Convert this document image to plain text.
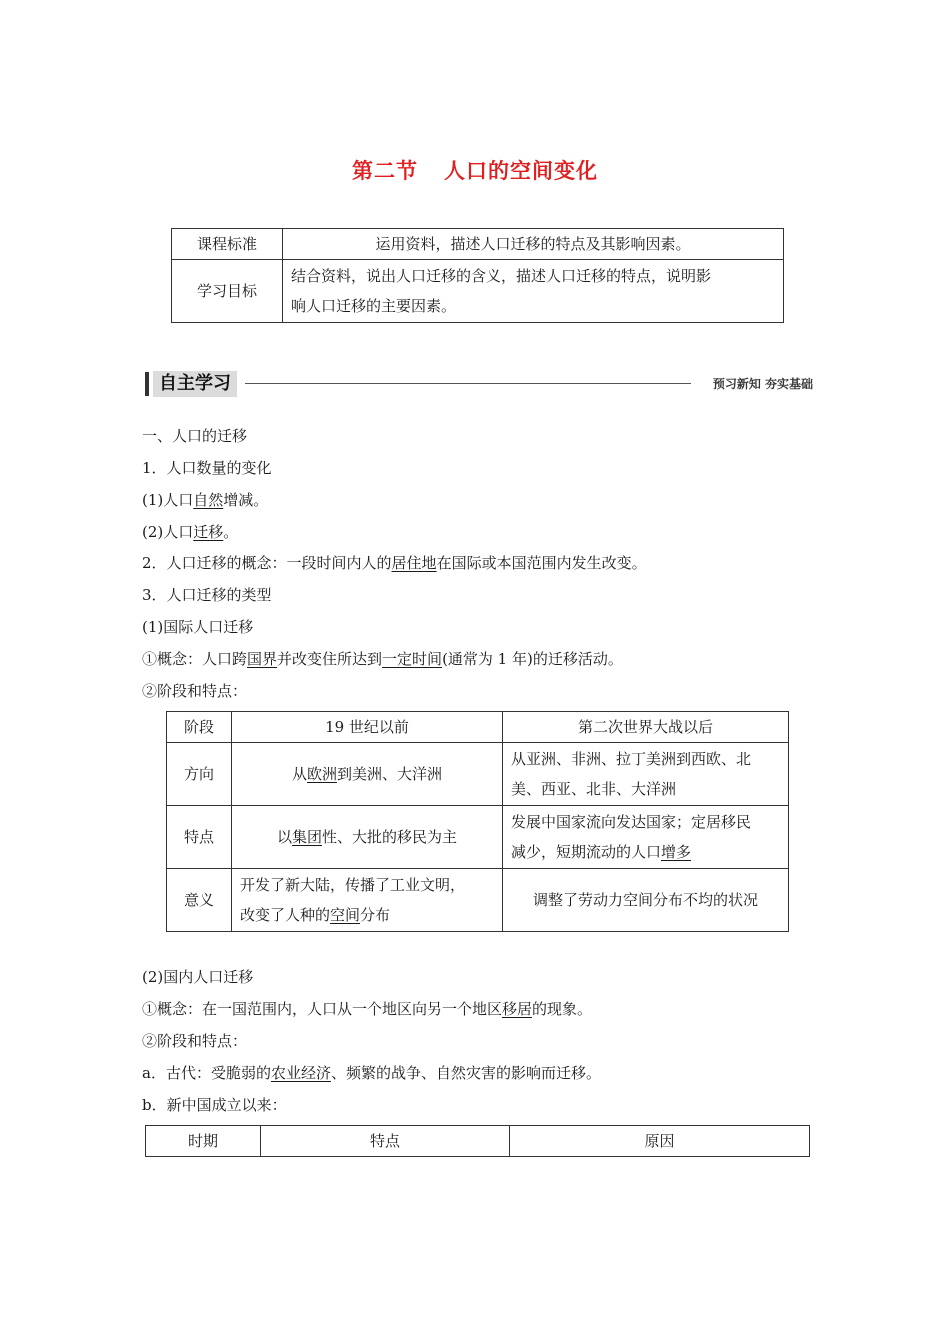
第二节 人口的空间变化
课程标准	运用资料，描述人口迁移的特点及其影响因素。
学习目标	结合资料，说出人口迁移的含义，描述人口迁移的特点，说明影
响人口迁移的主要因素。
自主学习	预习新知 夯实基础
一、人口的迁移
1．人口数量的变化
(1)人口自然增减。
(2)人口迁移。
2．人口迁移的概念：一段时间内人的居住地在国际或本国范围内发生改变。
3．人口迁移的类型
(1)国际人口迁移
①概念：人口跨国界并改变住所达到一定时间(通常为 1 年)的迁移活动。
②阶段和特点：
阶段	19 世纪以前	第二次世界大战以后
方向	从欧洲到美洲、大洋洲	从亚洲、非洲、拉丁美洲到西欧、北
美、西亚、北非、大洋洲

特点	以集团性、大批的移民为主	发展中国家流向发达国家；定居移民
减少，短期流动的人口增多

意义	开发了新大陆，传播了工业文明，
改变了人种的空间分布	调整了劳动力空间分布不均的状况
(2)国内人口迁移
①概念：在一国范围内，人口从一个地区向另一个地区移居的现象。
②阶段和特点：
a．古代：受脆弱的农业经济、频繁的战争、自然灾害的影响而迁移。
b．新中国成立以来：
时期	特点	原因
